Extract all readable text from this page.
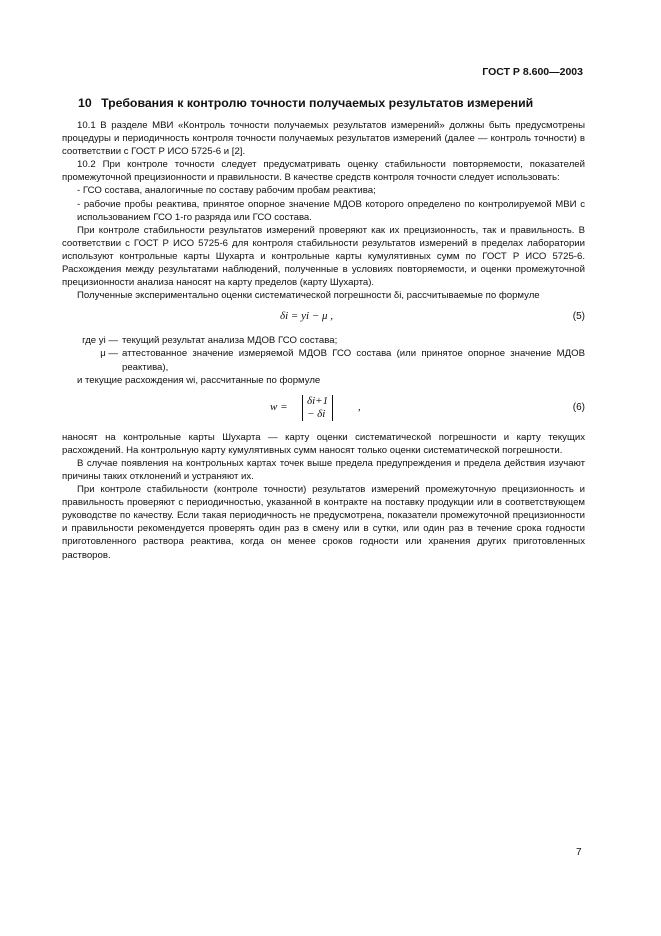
ГОСТ Р 8.600—2003
10 Требования к контролю точности получаемых результатов измерений

10.1 В разделе МВИ «Контроль точности получаемых результатов измерений» должны быть предусмотрены процедуры и периодичность контроля точности получаемых результатов измерений (далее — контроль точности) в соответствии с ГОСТ Р ИСО 5725-6 и [2].

10.2 При контроле точности следует предусматривать оценку стабильности повторяемости, показателей промежуточной прецизионности и правильности. В качестве средств контроля точности следует использовать:

- ГСО состава, аналогичные по составу рабочим пробам реактива;

- рабочие пробы реактива, принятое опорное значение МДОВ которого определено по контролируемой МВИ с использованием ГСО 1-го разряда или ГСО состава.

При контроле стабильности результатов измерений проверяют как их прецизионность, так и правильность. В соответствии с ГОСТ Р ИСО 5725-6 для контроля стабильности результатов измерений в пределах лаборатории используют контрольные карты Шухарта и контрольные карты кумулятивных сумм по ГОСТ Р ИСО 5725-6. Расхождения между результатами наблюдений, полученные в условиях повторяемости, и оценки промежуточной прецизионности анализа наносят на карту пределов (карту Шухарта).

Полученные экспериментально оценки систематической погрешности δi, рассчитываемые по формуле

δi = yi − μ ,	(5)
где yi — текущий результат анализа МДОВ ГСО состава;
μ — аттестованное значение измеряемой МДОВ ГСО состава (или принятое опорное значение МДОВ реактива),

и текущие расхождения wi, рассчитанные по формуле

w =	δi+1 − δi
,	(6)

наносят на контрольные карты Шухарта — карту оценки систематической погрешности и карту текущих расхождений. На контрольную карту кумулятивных сумм наносят только оценки систематической погрешности.

В случае появления на контрольных картах точек выше предела предупреждения и предела действия изучают причины таких отклонений и устраняют их.

При контроле стабильности (контроле точности) результатов измерений промежуточную прецизионность и правильность проверяют с периодичностью, указанной в контракте на поставку продукции или в соответствующем руководстве по качеству. Если такая периодичность не предусмотрена, показатели промежуточной прецизионности и правильности рекомендуется проверять один раз в смену или в сутки, или один раз в течение срока годности приготовленного раствора реактива, когда он менее сроков годности или хранения других приготовленных растворов.

7
